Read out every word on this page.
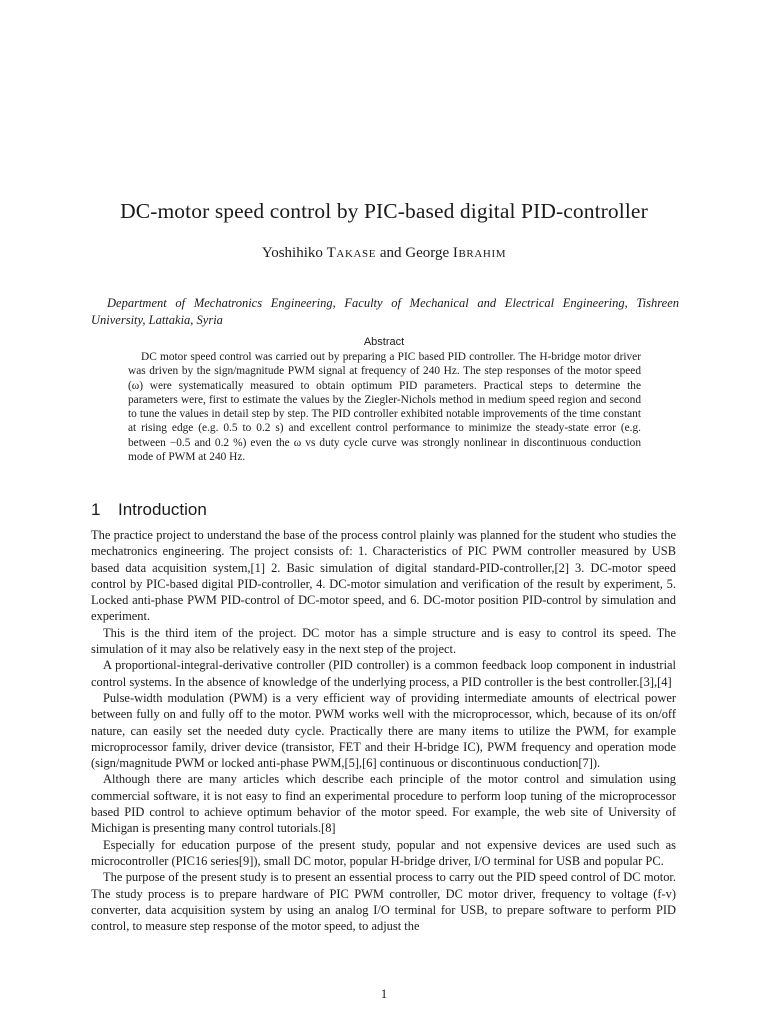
DC-motor speed control by PIC-based digital PID-controller
Yoshihiko Takase and George Ibrahim
Department of Mechatronics Engineering, Faculty of Mechanical and Electrical Engineering, Tishreen University, Lattakia, Syria
Abstract
DC motor speed control was carried out by preparing a PIC based PID controller. The H-bridge motor driver was driven by the sign/magnitude PWM signal at frequency of 240 Hz. The step responses of the motor speed (ω) were systematically measured to obtain optimum PID parameters. Practical steps to determine the parameters were, first to estimate the values by the Ziegler-Nichols method in medium speed region and second to tune the values in detail step by step. The PID controller exhibited notable improvements of the time constant at rising edge (e.g. 0.5 to 0.2 s) and excellent control performance to minimize the steady-state error (e.g. between −0.5 and 0.2 %) even the ω vs duty cycle curve was strongly nonlinear in discontinuous conduction mode of PWM at 240 Hz.
1 Introduction

The practice project to understand the base of the process control plainly was planned for the student who studies the mechatronics engineering. The project consists of: 1. Characteristics of PIC PWM controller measured by USB based data acquisition system,[1] 2. Basic simulation of digital standard-PID-controller,[2] 3. DC-motor speed control by PIC-based digital PID-controller, 4. DC-motor simulation and verification of the result by experiment, 5. Locked anti-phase PWM PID-control of DC-motor speed, and 6. DC-motor position PID-control by simulation and experiment.

This is the third item of the project. DC motor has a simple structure and is easy to control its speed. The simulation of it may also be relatively easy in the next step of the project.

A proportional-integral-derivative controller (PID controller) is a common feedback loop component in industrial control systems. In the absence of knowledge of the underlying process, a PID controller is the best controller.[3],[4]

Pulse-width modulation (PWM) is a very efficient way of providing intermediate amounts of electrical power between fully on and fully off to the motor. PWM works well with the microprocessor, which, because of its on/off nature, can easily set the needed duty cycle. Practically there are many items to utilize the PWM, for example microprocessor family, driver device (transistor, FET and their H-bridge IC), PWM frequency and operation mode (sign/magnitude PWM or locked anti-phase PWM,[5],[6] continuous or discontinuous conduction[7]).

Although there are many articles which describe each principle of the motor control and simulation using commercial software, it is not easy to find an experimental procedure to perform loop tuning of the microprocessor based PID control to achieve optimum behavior of the motor speed. For example, the web site of University of Michigan is presenting many control tutorials.[8]

Especially for education purpose of the present study, popular and not expensive devices are used such as microcontroller (PIC16 series[9]), small DC motor, popular H-bridge driver, I/O terminal for USB and popular PC.

The purpose of the present study is to present an essential process to carry out the PID speed control of DC motor. The study process is to prepare hardware of PIC PWM controller, DC motor driver, frequency to voltage (f-v) converter, data acquisition system by using an analog I/O terminal for USB, to prepare software to perform PID control, to measure step response of the motor speed, to adjust the

1
